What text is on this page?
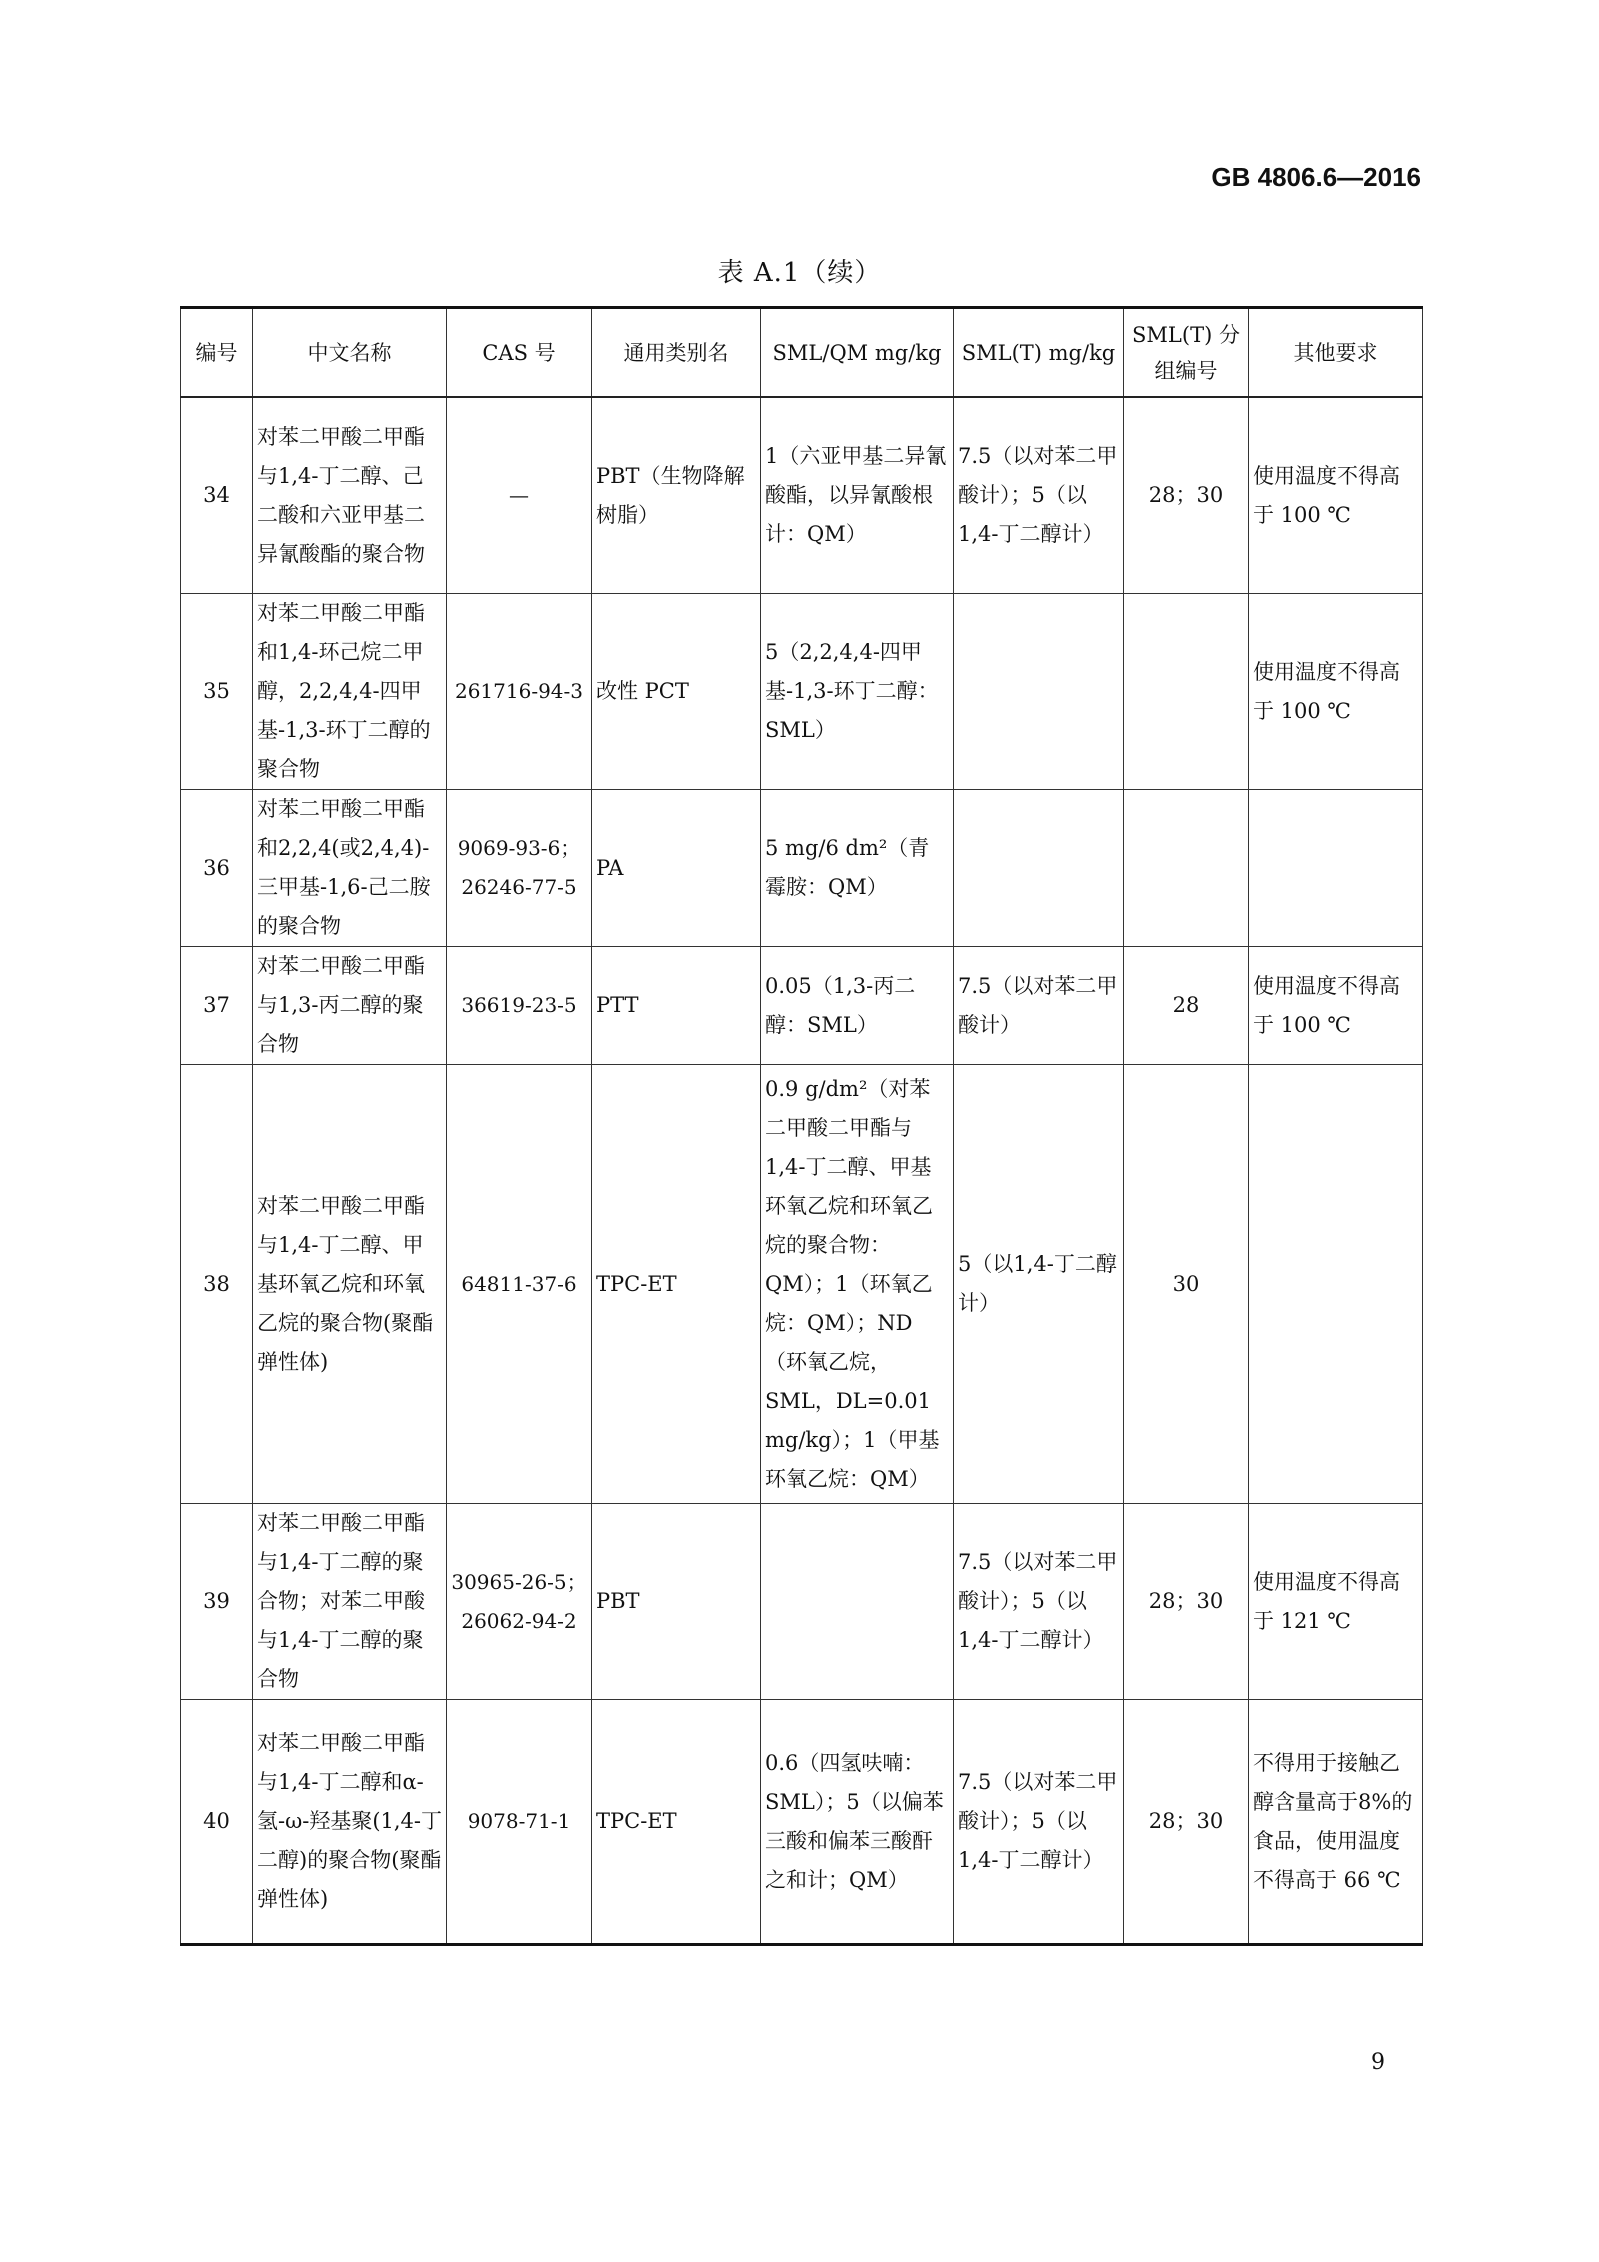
GB 4806.6—2016
表 A.1（续）
编号	中文名称	CAS 号	通用类别名	SML/QM mg/kg	SML(T) mg/kg	SML(T) 分组编号	其他要求
34	对苯二甲酸二甲酯与1,4-丁二醇、己二酸和六亚甲基二异氰酸酯的聚合物	—	PBT（生物降解树脂）	1（六亚甲基二异氰酸酯，以异氰酸根计：QM）	7.5（以对苯二甲酸计）；5（以1,4-丁二醇计）	28；30	使用温度不得高于 100 ℃
35	对苯二甲酸二甲酯和1,4-环己烷二甲醇，2,2,4,4-四甲基-1,3-环丁二醇的聚合物	261716-94-3	改性 PCT	5（2,2,4,4-四甲基-1,3-环丁二醇：SML）			使用温度不得高于 100 ℃
36	对苯二甲酸二甲酯和2,2,4(或2,4,4)-三甲基-1,6-己二胺的聚合物	9069-93-6；26246-77-5	PA	5 mg/6 dm²（青霉胺：QM）			
37	对苯二甲酸二甲酯与1,3-丙二醇的聚合物	36619-23-5	PTT	0.05（1,3-丙二醇：SML）	7.5（以对苯二甲酸计）	28	使用温度不得高于 100 ℃
38	对苯二甲酸二甲酯与1,4-丁二醇、甲基环氧乙烷和环氧乙烷的聚合物(聚酯弹性体)	64811-37-6	TPC-ET	0.9 g/dm²（对苯二甲酸二甲酯与1,4-丁二醇、甲基环氧乙烷和环氧乙烷的聚合物：QM）；1（环氧乙烷：QM）；ND（环氧乙烷，SML，DL=0.01 mg/kg）；1（甲基环氧乙烷：QM）	5（以1,4-丁二醇计）	30	
39	对苯二甲酸二甲酯与1,4-丁二醇的聚合物；对苯二甲酸与1,4-丁二醇的聚合物	30965-26-5；26062-94-2	PBT		7.5（以对苯二甲酸计）；5（以1,4-丁二醇计）	28；30	使用温度不得高于 121 ℃
40	对苯二甲酸二甲酯与1,4-丁二醇和α-氢-ω-羟基聚(1,4-丁二醇)的聚合物(聚酯弹性体)	9078-71-1	TPC-ET	0.6（四氢呋喃：SML）；5（以偏苯三酸和偏苯三酸酐之和计；QM）	7.5（以对苯二甲酸计）；5（以1,4-丁二醇计）	28；30	不得用于接触乙醇含量高于8%的食品，使用温度不得高于 66 ℃
9
